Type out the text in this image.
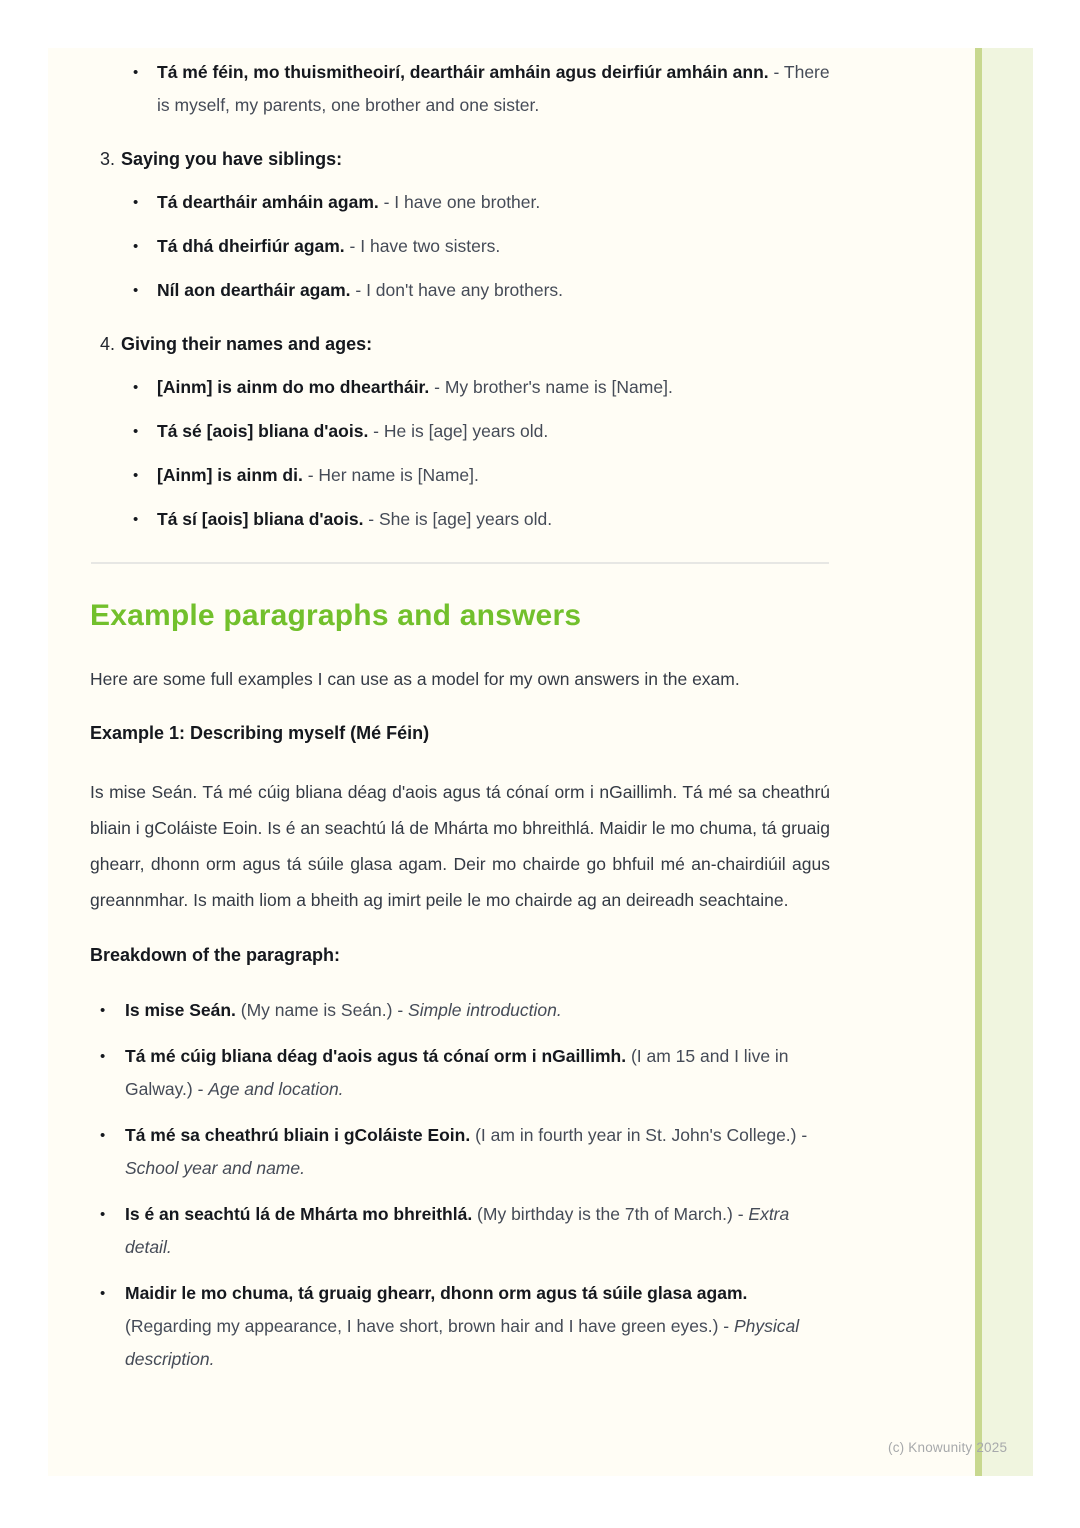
•	Tá mé féin, mo thuismitheoirí, deartháir amháin agus deirfiúr amháin ann. - There is myself, my parents, one brother and one sister.
3. Saying you have siblings:
•	Tá deartháir amháin agam. - I have one brother.
•	Tá dhá dheirfiúr agam. - I have two sisters.
•	Níl aon deartháir agam. - I don't have any brothers.
4. Giving their names and ages:
•	[Ainm] is ainm do mo dheartháir. - My brother's name is [Name].
•	Tá sé [aois] bliana d'aois. - He is [age] years old.
•	[Ainm] is ainm di. - Her name is [Name].
•	Tá sí [aois] bliana d'aois. - She is [age] years old.
Example paragraphs and answers
Here are some full examples I can use as a model for my own answers in the exam.
Example 1: Describing myself (Mé Féin)
Is mise Seán. Tá mé cúig bliana déag d'aois agus tá cónaí orm i nGaillimh. Tá mé sa cheathrú bliain i gColáiste Eoin. Is é an seachtú lá de Mhárta mo bhreithlá. Maidir le mo chuma, tá gruaig ghearr, dhonn orm agus tá súile glasa agam. Deir mo chairde go bhfuil mé an-chairdiúil agus greannmhar. Is maith liom a bheith ag imirt peile le mo chairde ag an deireadh seachtaine.
Breakdown of the paragraph:
•	Is mise Seán. (My name is Seán.) - Simple introduction.
•	Tá mé cúig bliana déag d'aois agus tá cónaí orm i nGaillimh. (I am 15 and I live in Galway.) - Age and location.
•	Tá mé sa cheathrú bliain i gColáiste Eoin. (I am in fourth year in St. John's College.) - School year and name.
•	Is é an seachtú lá de Mhárta mo bhreithlá. (My birthday is the 7th of March.) - Extra detail.
•	Maidir le mo chuma, tá gruaig ghearr, dhonn orm agus tá súile glasa agam. (Regarding my appearance, I have short, brown hair and I have green eyes.) - Physical description.
(c) Knowunity 2025
